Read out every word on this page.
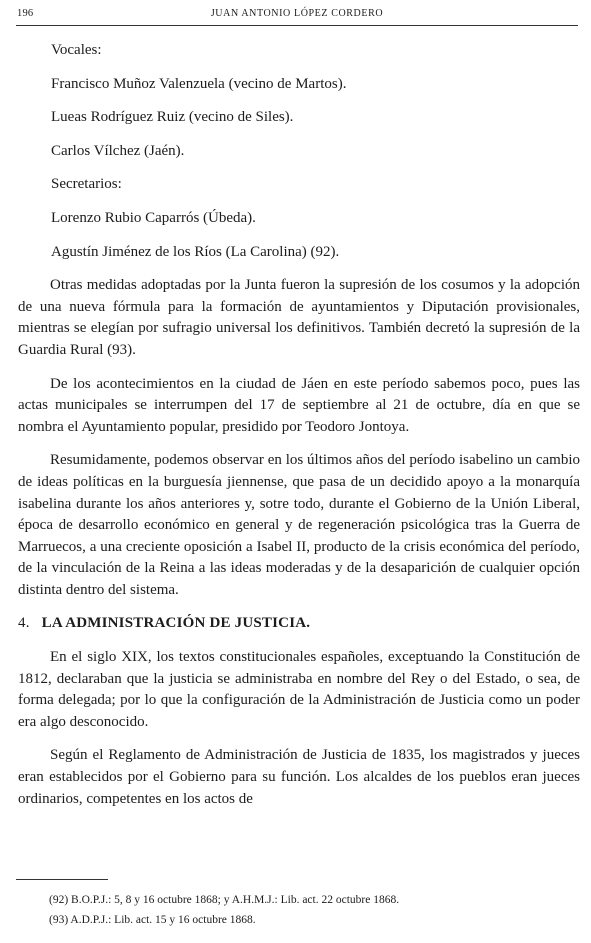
196	JUAN ANTONIO LÓPEZ CORDERO

Vocales:

Francisco Muñoz Valenzuela (vecino de Martos).

Lueas Rodríguez Ruiz (vecino de Siles).

Carlos Vílchez (Jaén).

Secretarios:

Lorenzo Rubio Caparrós (Úbeda).

Agustín Jiménez de los Ríos (La Carolina) (92).

Otras medidas adoptadas por la Junta fueron la supresión de los cosumos y la adopción de una nueva fórmula para la formación de ayuntamientos y Diputación provisionales, mientras se elegían por sufragio universal los definitivos. También decretó la supresión de la Guardia Rural (93).

De los acontecimientos en la ciudad de Jáen en este período sabemos poco, pues las actas municipales se interrumpen del 17 de septiembre al 21 de octubre, día en que se nombra el Ayuntamiento popular, presidido por Teodoro Jontoya.

Resumidamente, podemos observar en los últimos años del período isabelino un cambio de ideas políticas en la burguesía jiennense, que pasa de un decidido apoyo a la monarquía isabelina durante los años anteriores y, sotre todo, durante el Gobierno de la Unión Liberal, época de desarrollo económico en general y de regeneración psicológica tras la Guerra de Marruecos, a una creciente oposición a Isabel II, producto de la crisis económica del período, de la vinculación de la Reina a las ideas moderadas y de la desaparición de cualquier opción distinta dentro del sistema.

4. LA ADMINISTRACIÓN DE JUSTICIA.

En el siglo XIX, los textos constitucionales españoles, exceptuando la Constitución de 1812, declaraban que la justicia se administraba en nombre del Rey o del Estado, o sea, de forma delegada; por lo que la configuración de la Administración de Justicia como un poder era algo desconocido.

Según el Reglamento de Administración de Justicia de 1835, los magistrados y jueces eran establecidos por el Gobierno para su función. Los alcaldes de los pueblos eran jueces ordinarios, competentes en los actos de

(92) B.O.P.J.: 5, 8 y 16 octubre 1868; y A.H.M.J.: Lib. act. 22 octubre 1868.

(93) A.D.P.J.: Lib. act. 15 y 16 octubre 1868.
